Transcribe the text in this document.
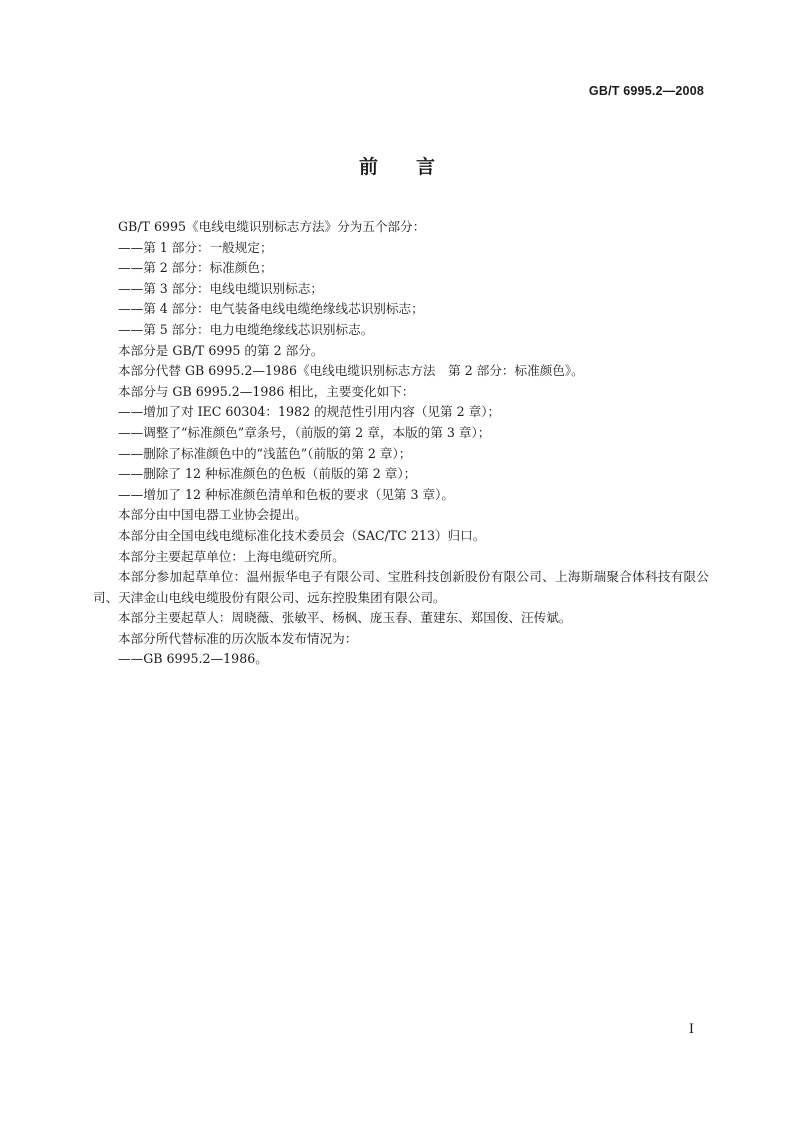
GB/T 6995.2—2008
前 言

GB/T 6995《电线电缆识别标志方法》分为五个部分：

——第 1 部分：一般规定；

——第 2 部分：标准颜色；

——第 3 部分：电线电缆识别标志；

——第 4 部分：电气装备电线电缆绝缘线芯识别标志；

——第 5 部分：电力电缆绝缘线芯识别标志。

本部分是 GB/T 6995 的第 2 部分。

本部分代替 GB 6995.2—1986《电线电缆识别标志方法　第 2 部分：标准颜色》。

本部分与 GB 6995.2—1986 相比，主要变化如下：

——增加了对 IEC 60304：1982 的规范性引用内容（见第 2 章）；

——调整了“标准颜色”章条号，（前版的第 2 章，本版的第 3 章）；

——删除了标准颜色中的“浅蓝色”（前版的第 2 章）；

——删除了 12 种标准颜色的色板（前版的第 2 章）；

——增加了 12 种标准颜色清单和色板的要求（见第 3 章）。

本部分由中国电器工业协会提出。

本部分由全国电线电缆标准化技术委员会（SAC/TC 213）归口。

本部分主要起草单位：上海电缆研究所。

本部分参加起草单位：温州振华电子有限公司、宝胜科技创新股份有限公司、上海斯瑞聚合体科技有限公司、天津金山电线电缆股份有限公司、远东控股集团有限公司。

本部分主要起草人：周晓薇、张敏平、杨枫、庞玉春、董建东、郑国俊、汪传斌。

本部分所代替标准的历次版本发布情况为：

——GB 6995.2—1986。

I
